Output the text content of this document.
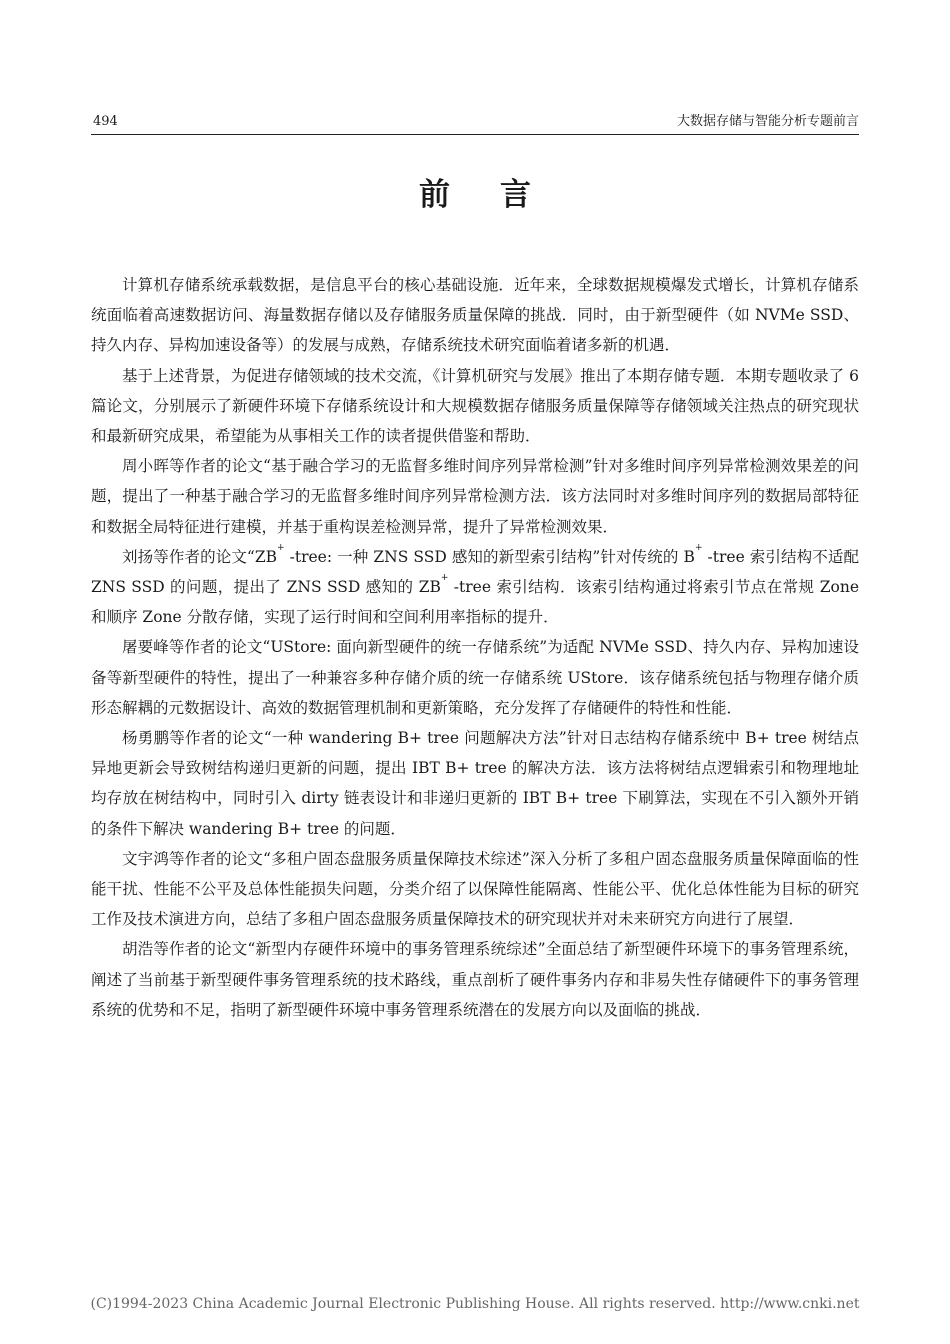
494	大数据存储与智能分析专题前言
前言

计算机存储系统承载数据，是信息平台的核心基础设施．近年来，全球数据规模爆发式增长，计算机存储系统面临着高速数据访问、海量数据存储以及存储服务质量保障的挑战．同时，由于新型硬件（如 NVMe SSD、持久内存、异构加速设备等）的发展与成熟，存储系统技术研究面临着诸多新的机遇．

基于上述背景，为促进存储领域的技术交流，《计算机研究与发展》推出了本期存储专题．本期专题收录了 6 篇论文，分别展示了新硬件环境下存储系统设计和大规模数据存储服务质量保障等存储领域关注热点的研究现状和最新研究成果，希望能为从事相关工作的读者提供借鉴和帮助．

周小晖等作者的论文“基于融合学习的无监督多维时间序列异常检测”针对多维时间序列异常检测效果差的问题，提出了一种基于融合学习的无监督多维时间序列异常检测方法．该方法同时对多维时间序列的数据局部特征和数据全局特征进行建模，并基于重构误差检测异常，提升了异常检测效果．

刘扬等作者的论文“ZB+ -tree: 一种 ZNS SSD 感知的新型索引结构”针对传统的 B+ -tree 索引结构不适配 ZNS SSD 的问题，提出了 ZNS SSD 感知的 ZB+ -tree 索引结构．该索引结构通过将索引节点在常规 Zone 和顺序 Zone 分散存储，实现了运行时间和空间利用率指标的提升．

屠要峰等作者的论文“UStore: 面向新型硬件的统一存储系统”为适配 NVMe SSD、持久内存、异构加速设备等新型硬件的特性，提出了一种兼容多种存储介质的统一存储系统 UStore．该存储系统包括与物理存储介质形态解耦的元数据设计、高效的数据管理机制和更新策略，充分发挥了存储硬件的特性和性能．

杨勇鹏等作者的论文“一种 wandering B+ tree 问题解决方法”针对日志结构存储系统中 B+ tree 树结点异地更新会导致树结构递归更新的问题，提出 IBT B+ tree 的解决方法．该方法将树结点逻辑索引和物理地址均存放在树结构中，同时引入 dirty 链表设计和非递归更新的 IBT B+ tree 下刷算法，实现在不引入额外开销的条件下解决 wandering B+ tree 的问题．

文宇鸿等作者的论文“多租户固态盘服务质量保障技术综述”深入分析了多租户固态盘服务质量保障面临的性能干扰、性能不公平及总体性能损失问题，分类介绍了以保障性能隔离、性能公平、优化总体性能为目标的研究工作及技术演进方向，总结了多租户固态盘服务质量保障技术的研究现状并对未来研究方向进行了展望．

胡浩等作者的论文“新型内存硬件环境中的事务管理系统综述”全面总结了新型硬件环境下的事务管理系统，阐述了当前基于新型硬件事务管理系统的技术路线，重点剖析了硬件事务内存和非易失性存储硬件下的事务管理系统的优势和不足，指明了新型硬件环境中事务管理系统潜在的发展方向以及面临的挑战．

(C)1994-2023 China Academic Journal Electronic Publishing House. All rights reserved. http://www.cnki.net
